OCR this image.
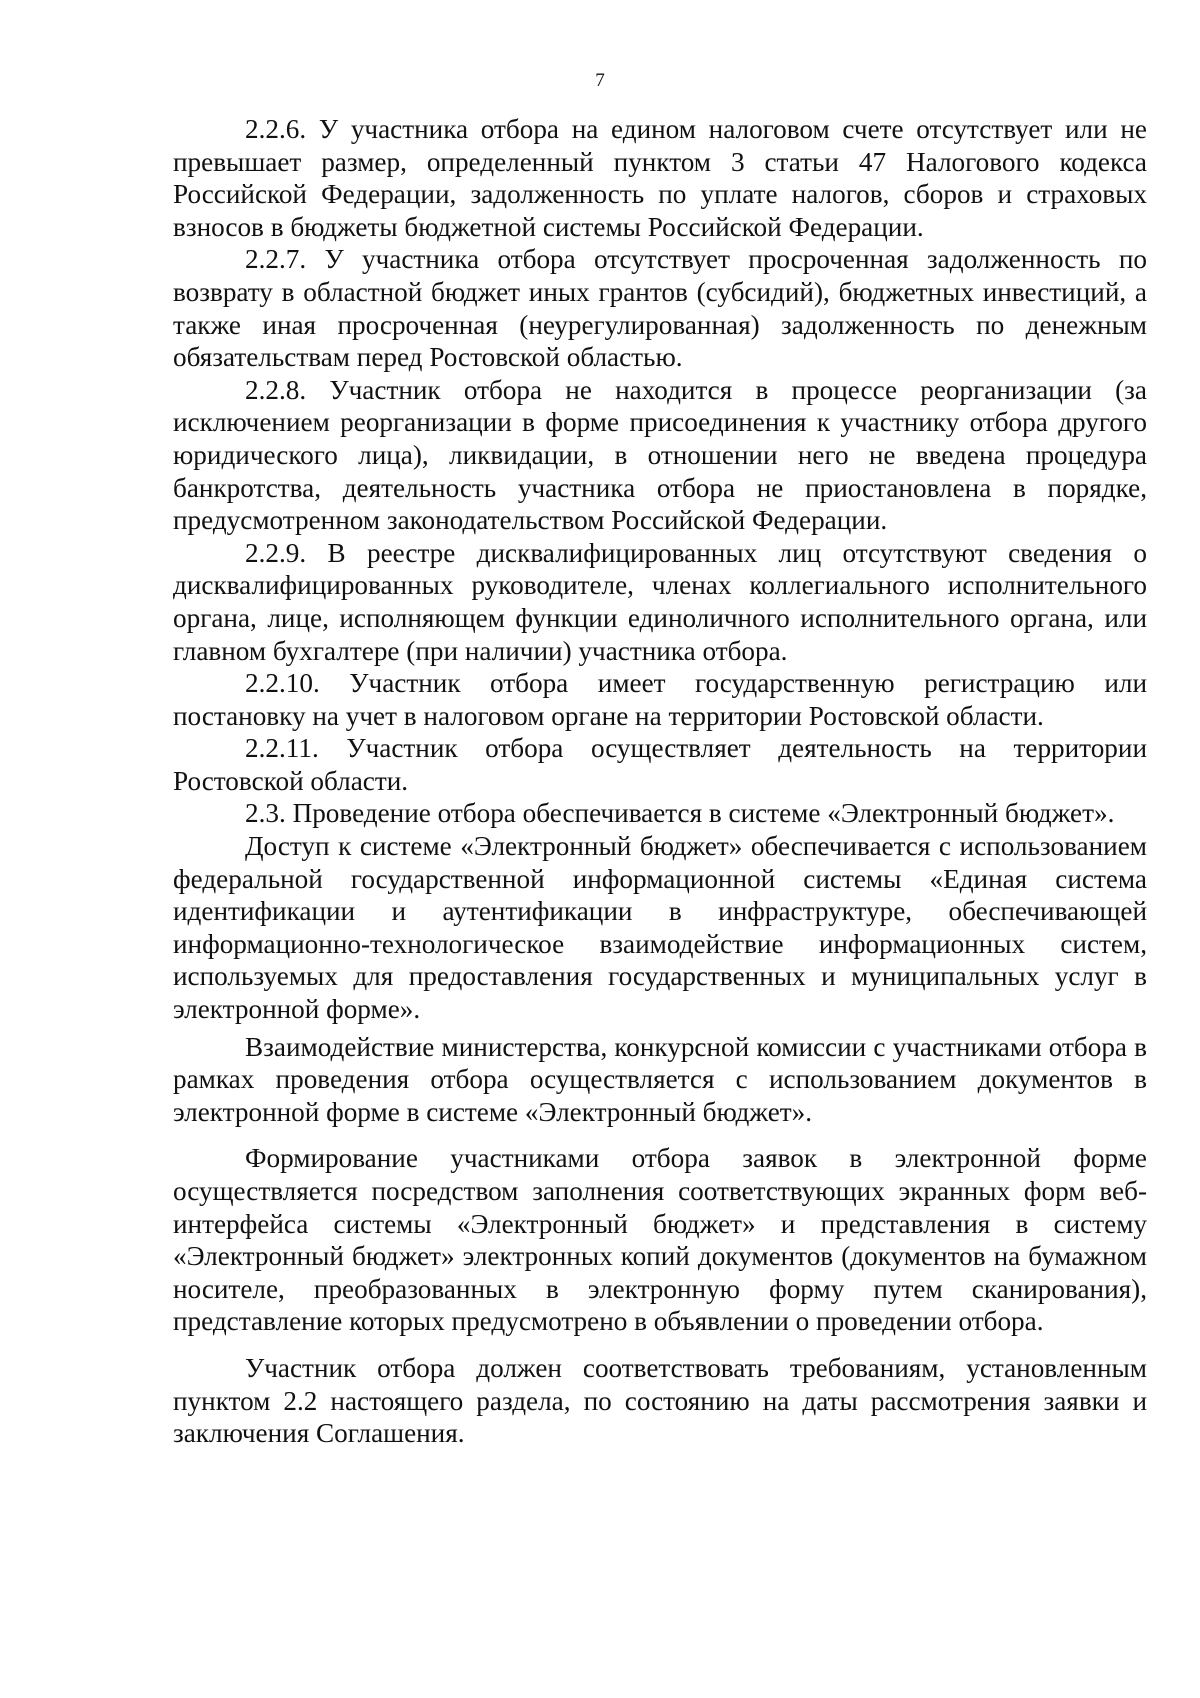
7

2.2.6. У участника отбора на едином налоговом счете отсутствует или не превышает размер, определенный пунктом 3 статьи 47 Налогового кодекса Российской Федерации, задолженность по уплате налогов, сборов и страховых взносов в бюджеты бюджетной системы Российской Федерации.

2.2.7. У участника отбора отсутствует просроченная задолженность по возврату в областной бюджет иных грантов (субсидий), бюджетных инвестиций, а также иная просроченная (неурегулированная) задолженность по денежным обязательствам перед Ростовской областью.

2.2.8. Участник отбора не находится в процессе реорганизации (за исключением реорганизации в форме присоединения к участнику отбора другого юридического лица), ликвидации, в отношении него не введена процедура банкротства, деятельность участника отбора не приостановлена в порядке, предусмотренном законодательством Российской Федерации.

2.2.9. В реестре дисквалифицированных лиц отсутствуют сведения о дисквалифицированных руководителе, членах коллегиального исполнительного органа, лице, исполняющем функции единоличного исполнительного органа, или главном бухгалтере (при наличии) участника отбора.

2.2.10. Участник отбора имеет государственную регистрацию или постановку на учет в налоговом органе на территории Ростовской области.

2.2.11. Участник отбора осуществляет деятельность на территории Ростовской области.

2.3. Проведение отбора обеспечивается в системе «Электронный бюджет».

Доступ к системе «Электронный бюджет» обеспечивается с использованием федеральной государственной информационной системы «Единая система идентификации и аутентификации в инфраструктуре, обеспечивающей информационно-технологическое взаимодействие информационных систем, используемых для предоставления государственных и муниципальных услуг в электронной форме».

Взаимодействие министерства, конкурсной комиссии с участниками отбора в рамках проведения отбора осуществляется с использованием документов в электронной форме в системе «Электронный бюджет».

Формирование участниками отбора заявок в электронной форме осуществляется посредством заполнения соответствующих экранных форм веб-интерфейса системы «Электронный бюджет» и представления в систему «Электронный бюджет» электронных копий документов (документов на бумажном носителе, преобразованных в электронную форму путем сканирования), представление которых предусмотрено в объявлении о проведении отбора.

Участник отбора должен соответствовать требованиям, установленным пунктом 2.2 настоящего раздела, по состоянию на даты рассмотрения заявки и заключения Соглашения.
